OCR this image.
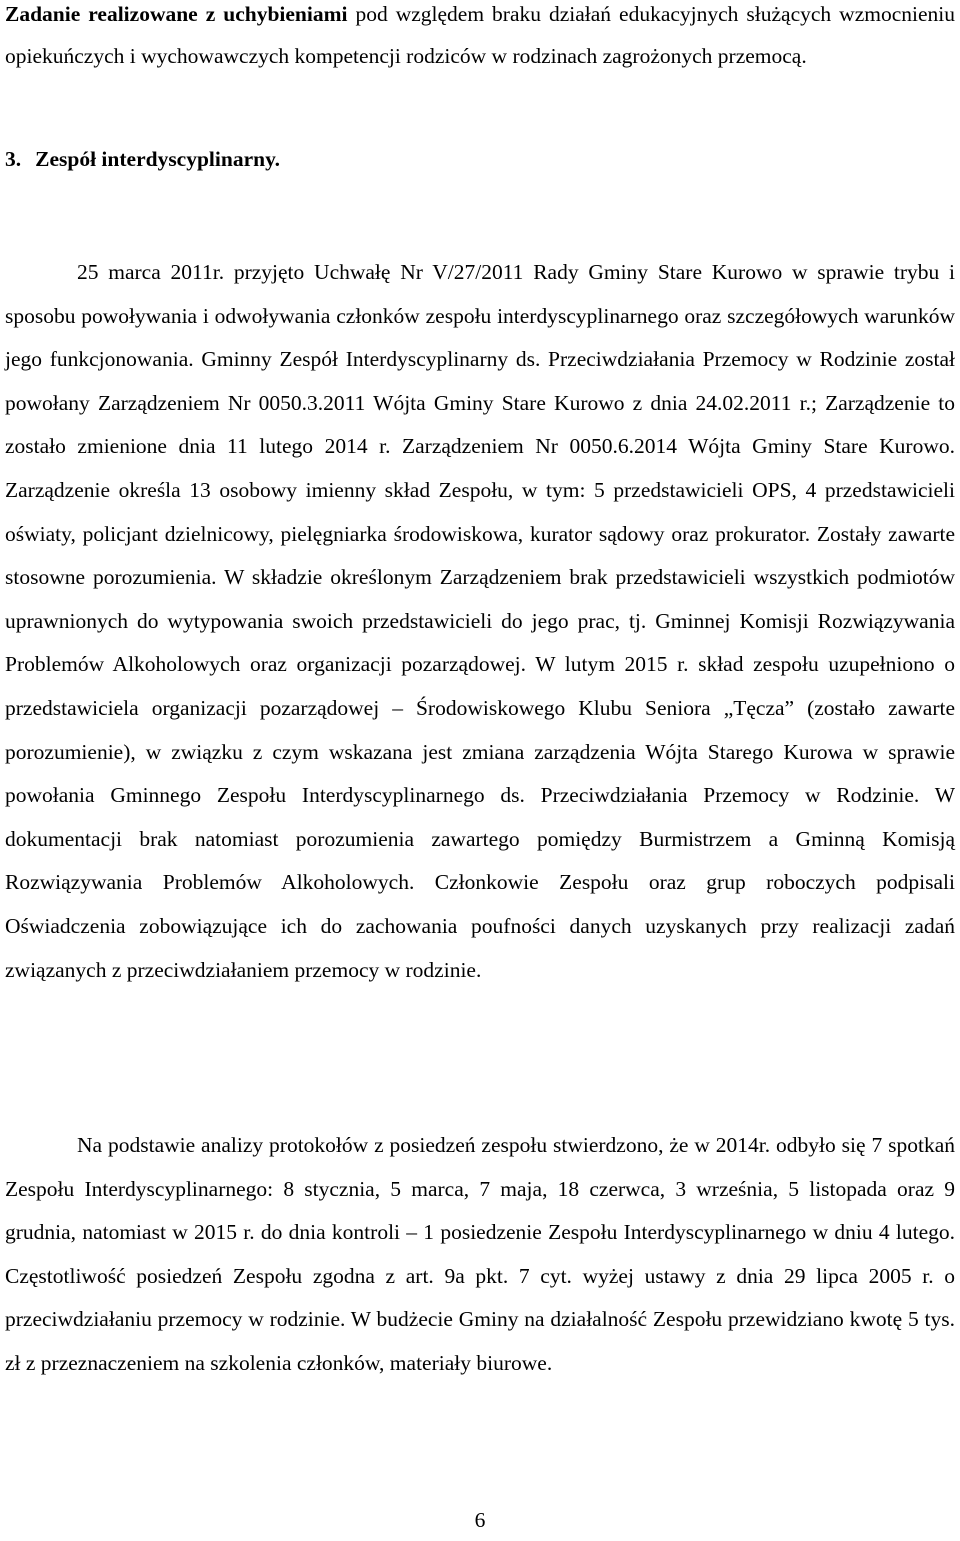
Zadanie realizowane z uchybieniami pod względem braku działań edukacyjnych służących wzmocnieniu opiekuńczych i wychowawczych kompetencji rodziców w rodzinach zagrożonych przemocą.

3. Zespół interdyscyplinarny.

25 marca 2011r. przyjęto Uchwałę Nr V/27/2011 Rady Gminy Stare Kurowo w sprawie trybu i sposobu powoływania i odwoływania członków zespołu interdyscyplinarnego oraz szczegółowych warunków jego funkcjonowania. Gminny Zespół Interdyscyplinarny ds. Przeciwdziałania Przemocy w Rodzinie został powołany Zarządzeniem Nr 0050.3.2011 Wójta Gminy Stare Kurowo z dnia 24.02.2011 r.; Zarządzenie to zostało zmienione dnia 11 lutego 2014 r. Zarządzeniem Nr 0050.6.2014 Wójta Gminy Stare Kurowo. Zarządzenie określa 13 osobowy imienny skład Zespołu, w tym: 5 przedstawicieli OPS, 4 przedstawicieli oświaty, policjant dzielnicowy, pielęgniarka środowiskowa, kurator sądowy oraz prokurator. Zostały zawarte stosowne porozumienia. W składzie określonym Zarządzeniem brak przedstawicieli wszystkich podmiotów uprawnionych do wytypowania swoich przedstawicieli do jego prac, tj. Gminnej Komisji Rozwiązywania Problemów Alkoholowych oraz organizacji pozarządowej. W lutym 2015 r. skład zespołu uzupełniono o przedstawiciela organizacji pozarządowej – Środowiskowego Klubu Seniora „Tęcza” (zostało zawarte porozumienie), w związku z czym wskazana jest zmiana zarządzenia Wójta Starego Kurowa w sprawie powołania Gminnego Zespołu Interdyscyplinarnego ds. Przeciwdziałania Przemocy w Rodzinie. W dokumentacji brak natomiast porozumienia zawartego pomiędzy Burmistrzem a Gminną Komisją Rozwiązywania Problemów Alkoholowych. Członkowie Zespołu oraz grup roboczych podpisali Oświadczenia zobowiązujące ich do zachowania poufności danych uzyskanych przy realizacji zadań związanych z przeciwdziałaniem przemocy w rodzinie.

Na podstawie analizy protokołów z posiedzeń zespołu stwierdzono, że w 2014r. odbyło się 7 spotkań Zespołu Interdyscyplinarnego: 8 stycznia, 5 marca, 7 maja, 18 czerwca, 3 września, 5 listopada oraz 9 grudnia, natomiast w 2015 r. do dnia kontroli – 1 posiedzenie Zespołu Interdyscyplinarnego w dniu 4 lutego. Częstotliwość posiedzeń Zespołu zgodna z art. 9a pkt. 7 cyt. wyżej ustawy z dnia 29 lipca 2005 r. o przeciwdziałaniu przemocy w rodzinie. W budżecie Gminy na działalność Zespołu przewidziano kwotę 5 tys. zł z przeznaczeniem na szkolenia członków, materiały biurowe.

6
